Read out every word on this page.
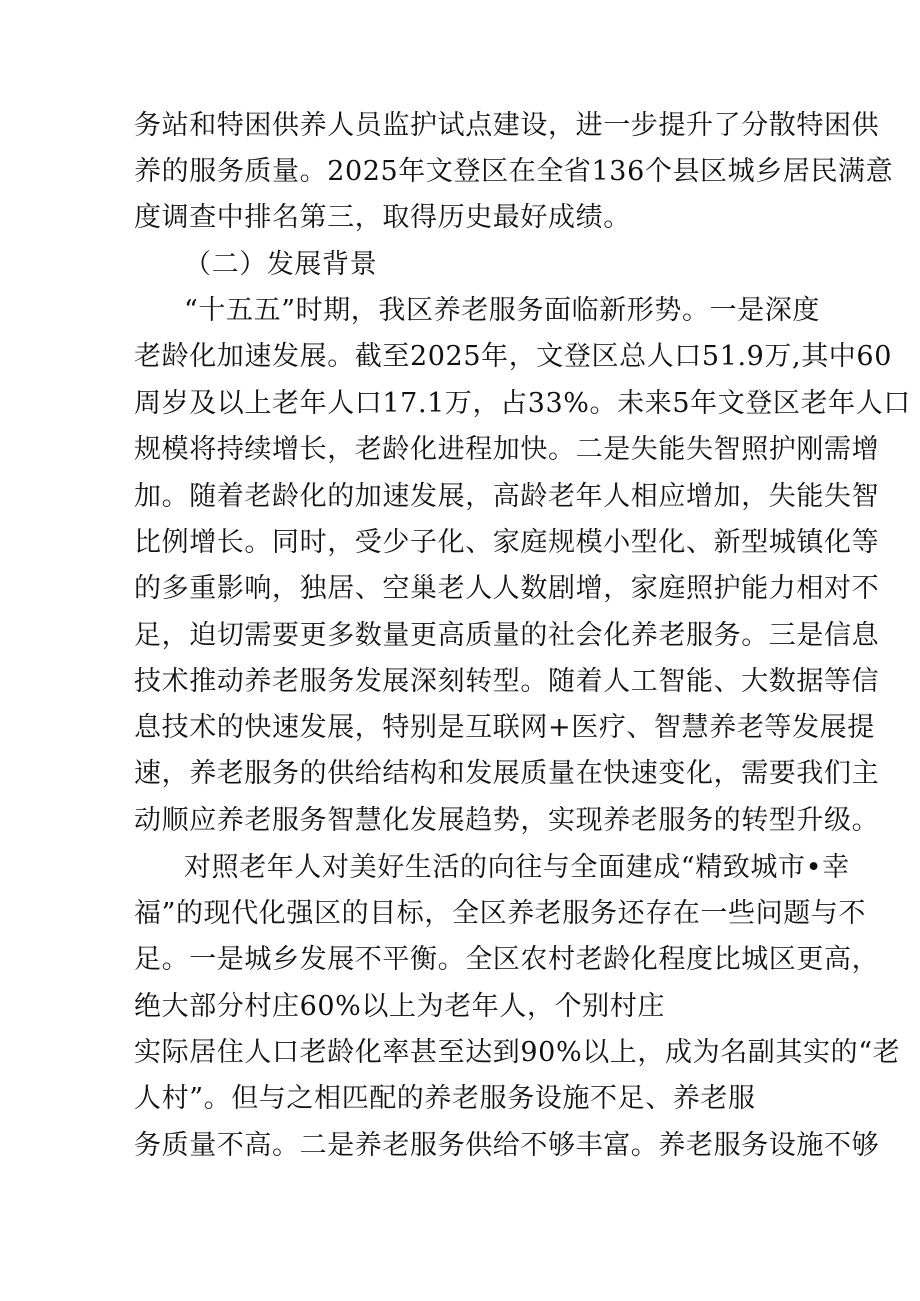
务站和特困供养人员监护试点建设，进一步提升了分散特困供
养的服务质量。2025年文登区在全省136个县区城乡居民满意
度调查中排名第三，取得历史最好成绩。
（二）发展背景
“十五五”时期，我区养老服务面临新形势。一是深度
老龄化加速发展。截至2025年，文登区总人口51.9万,其中60
周岁及以上老年人口17.1万，占33%。未来5年文登区老年人口
规模将持续增长，老龄化进程加快。二是失能失智照护刚需增
加。随着老龄化的加速发展，高龄老年人相应增加，失能失智
比例增长。同时，受少子化、家庭规模小型化、新型城镇化等
的多重影响，独居、空巢老人人数剧增，家庭照护能力相对不
足，迫切需要更多数量更高质量的社会化养老服务。三是信息
技术推动养老服务发展深刻转型。随着人工智能、大数据等信
息技术的快速发展，特别是互联网+医疗、智慧养老等发展提
速，养老服务的供给结构和发展质量在快速变化，需要我们主
动顺应养老服务智慧化发展趋势，实现养老服务的转型升级。
对照老年人对美好生活的向往与全面建成“精致城市•幸
福”的现代化强区的目标，全区养老服务还存在一些问题与不
足。一是城乡发展不平衡。全区农村老龄化程度比城区更高，
绝大部分村庄60%以上为老年人，个别村庄
实际居住人口老龄化率甚至达到90%以上，成为名副其实的“老
人村”。但与之相匹配的养老服务设施不足、养老服
务质量不高。二是养老服务供给不够丰富。养老服务设施不够
